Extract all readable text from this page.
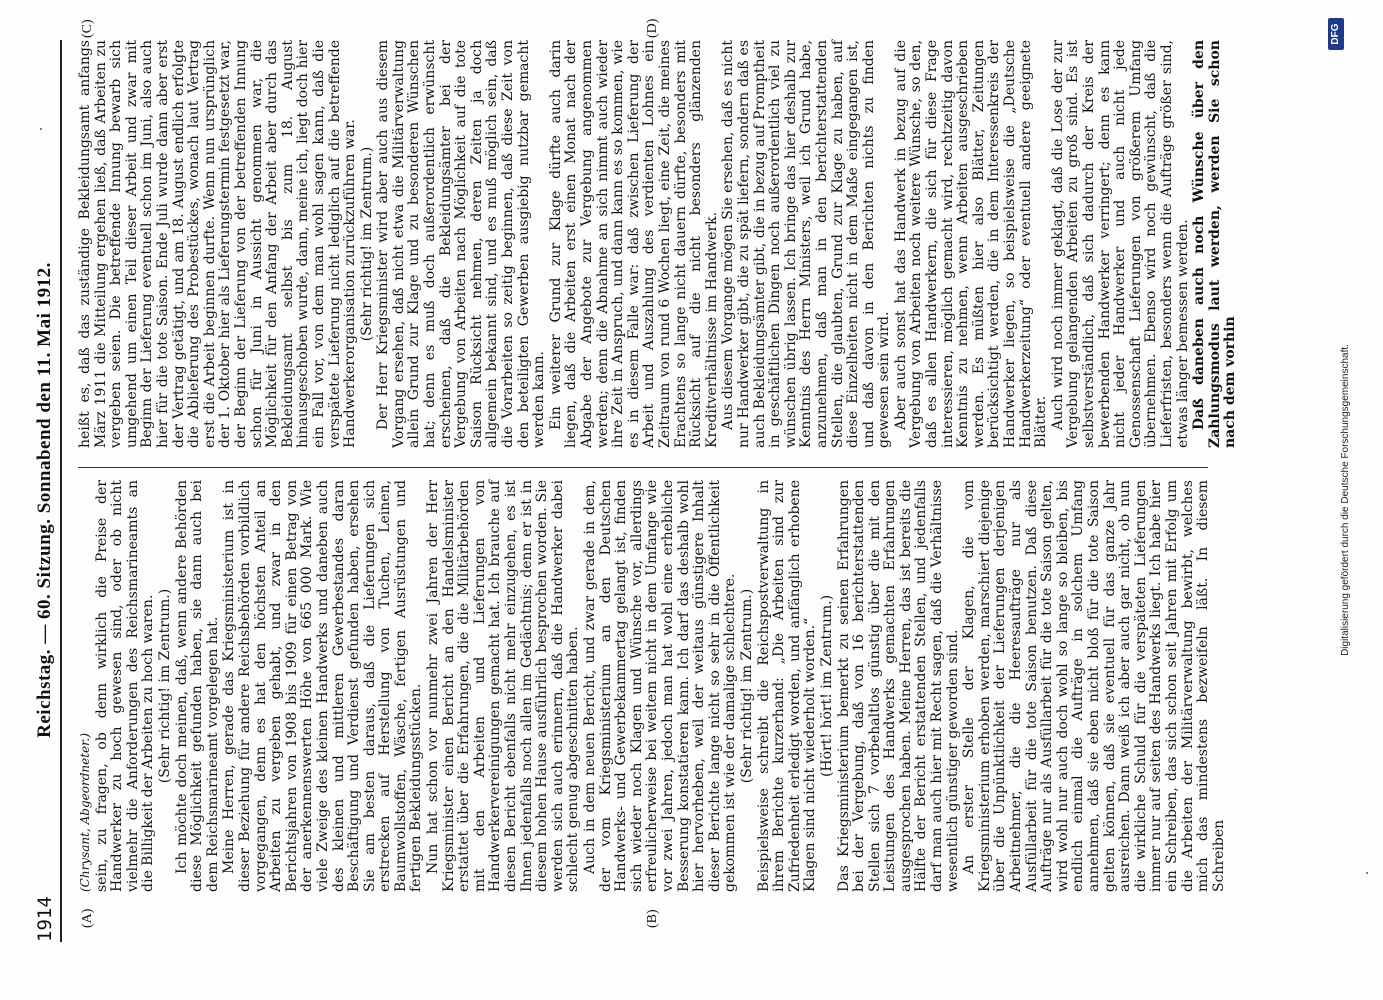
1914
Reichstag. — 60. Sitzung. Sonnabend den 11. Mai 1912.
(A)	(B)
(C)	(D)

(Chrysant, Abgeordneter.) sein, zu fragen, ob denn wirklich die Preise der Handwerker zu hoch gewesen sind, oder ob nicht vielmehr die Anforderungen des Reichsmarineamts an die Billigkeit der Arbeiten zu hoch waren. (Sehr richtig! im Zentrum.) Ich möchte doch meinen, daß, wenn andere Behörden diese Möglichkeit gefunden haben, sie dann auch bei dem Reichsmarineamt vorgelegen hat. Meine Herren, gerade das Kriegsministerium ist in dieser Beziehung für andere Reichsbehörden vorbildlich vorgegangen, denn es hat den höchsten Anteil an Arbeiten zu vergeben gehabt, und zwar in den Berichtsjahren von 1908 bis 1909 für einen Betrag von der anerkennenswerten Höhe von 665 000 Mark. Wie viele Zweige des kleinen Handwerks und daneben auch des kleinen und mittleren Gewerbestandes daran Beschäftigung und Verdienst gefunden haben, ersehen Sie am besten daraus, daß die Lieferungen sich erstrecken auf Herstellung von Tuchen, Leinen, Baumwollstoffen, Wäsche, fertigen Ausrüstungen und fertigen Bekleidungsstücken. Nun hat schon vor nunmehr zwei Jahren der Herr Kriegsminister einen Bericht an den Handelsminister erstattet über die Erfahrungen, die die Militärbehörden mit den Arbeiten und Lieferungen von Handwerkervereinigungen gemacht hat. Ich brauche auf diesen Bericht ebenfalls nicht mehr einzugehen, es ist Ihnen jedenfalls noch allen im Gedächtnis; denn er ist in diesem hohen Hause ausführlich besprochen worden. Sie werden sich auch erinnern, daß die Handwerker dabei schlecht genug abgeschnitten haben. Auch in dem neuen Bericht, und zwar gerade in dem, der vom Kriegsministerium an den Deutschen Handwerks- und Gewerbekammertag gelangt ist, finden sich wieder noch Klagen und Wünsche vor, allerdings erfreulicherweise bei weitem nicht in dem Umfange wie vor zwei Jahren, jedoch man hat wohl eine erhebliche Besserung konstatieren kann. Ich darf das deshalb wohl hier hervorheben, weil der weitaus günstigere Inhalt dieser Berichte lange nicht so sehr in die Öffentlichkeit gekommen ist wie der damalige schlechtere. (Sehr richtig! im Zentrum.) Beispielsweise schreibt die Reichspostverwaltung in ihrem Berichte kurzerhand: „Die Arbeiten sind zur Zufriedenheit erledigt worden, und anfänglich erhobene Klagen sind nicht wiederholt worden.“ (Hört! hört! im Zentrum.) Das Kriegsministerium bemerkt zu seinen Erfahrungen bei der Vergebung, daß von 16 berichterstattenden Stellen sich 7 vorbehaltlos günstig über die mit den Leistungen des Handwerks gemachten Erfahrungen ausgesprochen haben. Meine Herren, das ist bereits die Hälfte der Bericht erstattenden Stellen, und jedenfalls darf man auch hier mit Recht sagen, daß die Verhältnisse wesentlich günstiger geworden sind. An erster Stelle der Klagen, die vom Kriegsministerium erhoben werden, marschiert diejenige über die Unpünktlichkeit der Lieferungen derjenigen Arbeitnehmer, die die Heeresaufträge nur als Ausfüllarbeit für die tote Saison benutzen. Daß diese Aufträge nur als Ausfüllarbeit für die tote Saison gelten, wird wohl nur auch doch wohl so lange so bleiben, bis endlich einmal die Aufträge in solchem Umfang annehmen, daß sie eben nicht bloß für die tote Saison gelten können, daß sie eventuell für das ganze Jahr ausreichen. Dann weiß ich aber auch gar nicht, ob nun die wirkliche Schuld für die verspäteten Lieferungen immer nur auf seiten des Handwerks liegt. Ich habe hier ein Schreiben, das sich schon seit Jahren mit Erfolg um die Arbeiten der Militärverwaltung bewirbt, welches mich das mindestens bezweifeln läßt. In diesem Schreiben

heißt es, daß das zuständige Bekleidungsamt anfangs März 1911 die Mitteilung ergehen ließ, daß Arbeiten zu vergeben seien. Die betreffende Innung bewarb sich umgehend um einen Teil dieser Arbeit und zwar mit Beginn der Lieferung eventuell schon im Juni, also auch hier für die tote Saison. Ende Juli wurde dann aber erst der Vertrag getätigt, und am 18. August endlich erfolgte die Ablieferung des Probestückes, wonach laut Vertrag erst die Arbeit beginnen durfte. Wenn nun ursprünglich der 1. Oktober hier als Lieferungstermin festgesetzt war, der Beginn der Lieferung von der betreffenden Innung schon für Juni in Aussicht genommen war, die Möglichkeit für den Anfang der Arbeit aber durch das Bekleidungsamt selbst bis zum 18. August hinausgeschoben wurde, dann, meine ich, liegt doch hier ein Fall vor, von dem man wohl sagen kann, daß die verspätete Lieferung nicht lediglich auf die betreffende Handwerkerorganisation zurückzuführen war. (Sehr richtig! im Zentrum.) Der Herr Kriegsminister wird aber auch aus diesem Vorgang ersehen, daß nicht etwa die Militärverwaltung allein Grund zur Klage und zu besonderen Wünschen hat; denn es muß doch außerordentlich erwünscht erscheinen, daß die Bekleidungsämter bei der Vergebung von Arbeiten nach Möglichkeit auf die tote Saison Rücksicht nehmen, deren Zeiten ja doch allgemein bekannt sind, und es muß möglich sein, daß die Vorarbeiten so zeitig beginnen, daß diese Zeit von den beteiligten Gewerben ausgiebig nutzbar gemacht werden kann. Ein weiterer Grund zur Klage dürfte auch darin liegen, daß die Arbeiten erst einen Monat nach der Abgabe der Angebote zur Vergebung angenommen werden; denn die Abnahme an sich nimmt auch wieder ihre Zeit in Anspruch, und dann kann es so kommen, wie es in diesem Falle war: daß zwischen Lieferung der Arbeit und Auszahlung des verdienten Lohnes ein Zeitraum von rund 6 Wochen liegt, eine Zeit, die meines Erachtens so lange nicht dauern dürfte, besonders mit Rücksicht auf die nicht besonders glänzenden Kreditverhältnisse im Handwerk. Aus diesem Vorgange mögen Sie ersehen, daß es nicht nur Handwerker gibt, die zu spät liefern, sondern daß es auch Bekleidungsämter gibt, die in bezug auf Promptheit in geschäftlichen Dingen noch außerordentlich viel zu wünschen übrig lassen. Ich bringe das hier deshalb zur Kenntnis des Herrn Ministers, weil ich Grund habe, anzunehmen, daß man in den berichterstattenden Stellen, die glaubten, Grund zur Klage zu haben, auf diese Einzelheiten nicht in dem Maße eingegangen ist, und daß davon in den Berichten nichts zu finden gewesen sein wird. Aber auch sonst hat das Handwerk in bezug auf die Vergebung von Arbeiten noch weitere Wünsche, so den, daß es allen Handwerkern, die sich für diese Frage interessieren, möglich gemacht wird, rechtzeitig davon Kenntnis zu nehmen, wenn Arbeiten ausgeschrieben werden. Es müßten hier also Blätter, Zeitungen berücksichtigt werden, die in dem Interessenkreis der Handwerker liegen, so beispielsweise die „Deutsche Handwerkerzeitung“ oder eventuell andere geeignete Blätter. Auch wird noch immer geklagt, daß die Lose der zur Vergebung gelangenden Arbeiten zu groß sind. Es ist selbstverständlich, daß sich dadurch der Kreis der bewerbenden Handwerker verringert; denn es kann nicht jeder Handwerker und auch nicht jede Genossenschaft Lieferungen von größerem Umfang übernehmen. Ebenso wird noch gewünscht, daß die Lieferfristen, besonders wenn die Aufträge größer sind, etwas länger bemessen werden. Daß daneben auch noch Wünsche über den Zahlungsmodus laut werden, werden Sie schon nach dem vorhin	Digitalisierung gefördert durch die Deutsche Forschungsgemeinschaft.
DFG
